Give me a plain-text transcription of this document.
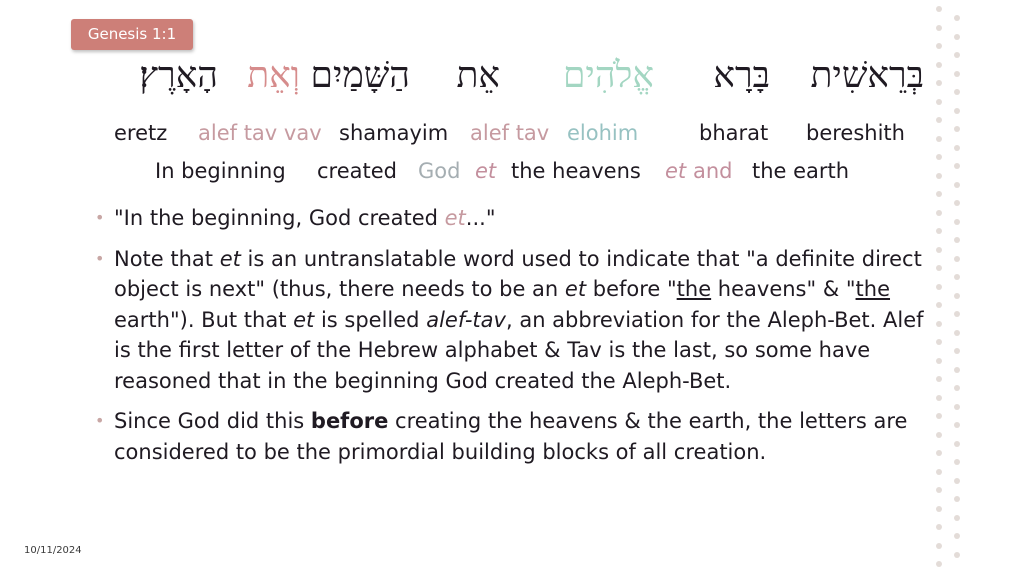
Genesis 1:1
בְּרֵאשִׁית
בָּרָא
אֱלֹהִים
אֵת
הַשָּׁמַיִם
וְאֵת
הָאָרֶץ׃
eretz alef tav vav shamayim alef tav elohim	bharat bereshith
In beginning created God et the heavens et and the earth
• "In the beginning, God created et..."
• Note that et is an untranslatable word used to indicate that "a definite direct object is next" (thus, there needs to be an et before "the heavens" & "the earth"). But that et is spelled alef-tav, an abbreviation for the Aleph-Bet. Alef is the first letter of the Hebrew alphabet & Tav is the last, so some have reasoned that in the beginning God created the Aleph-Bet.
• Since God did this before creating the heavens & the earth, the letters are considered to be the primordial building blocks of all creation.
10/11/2024
